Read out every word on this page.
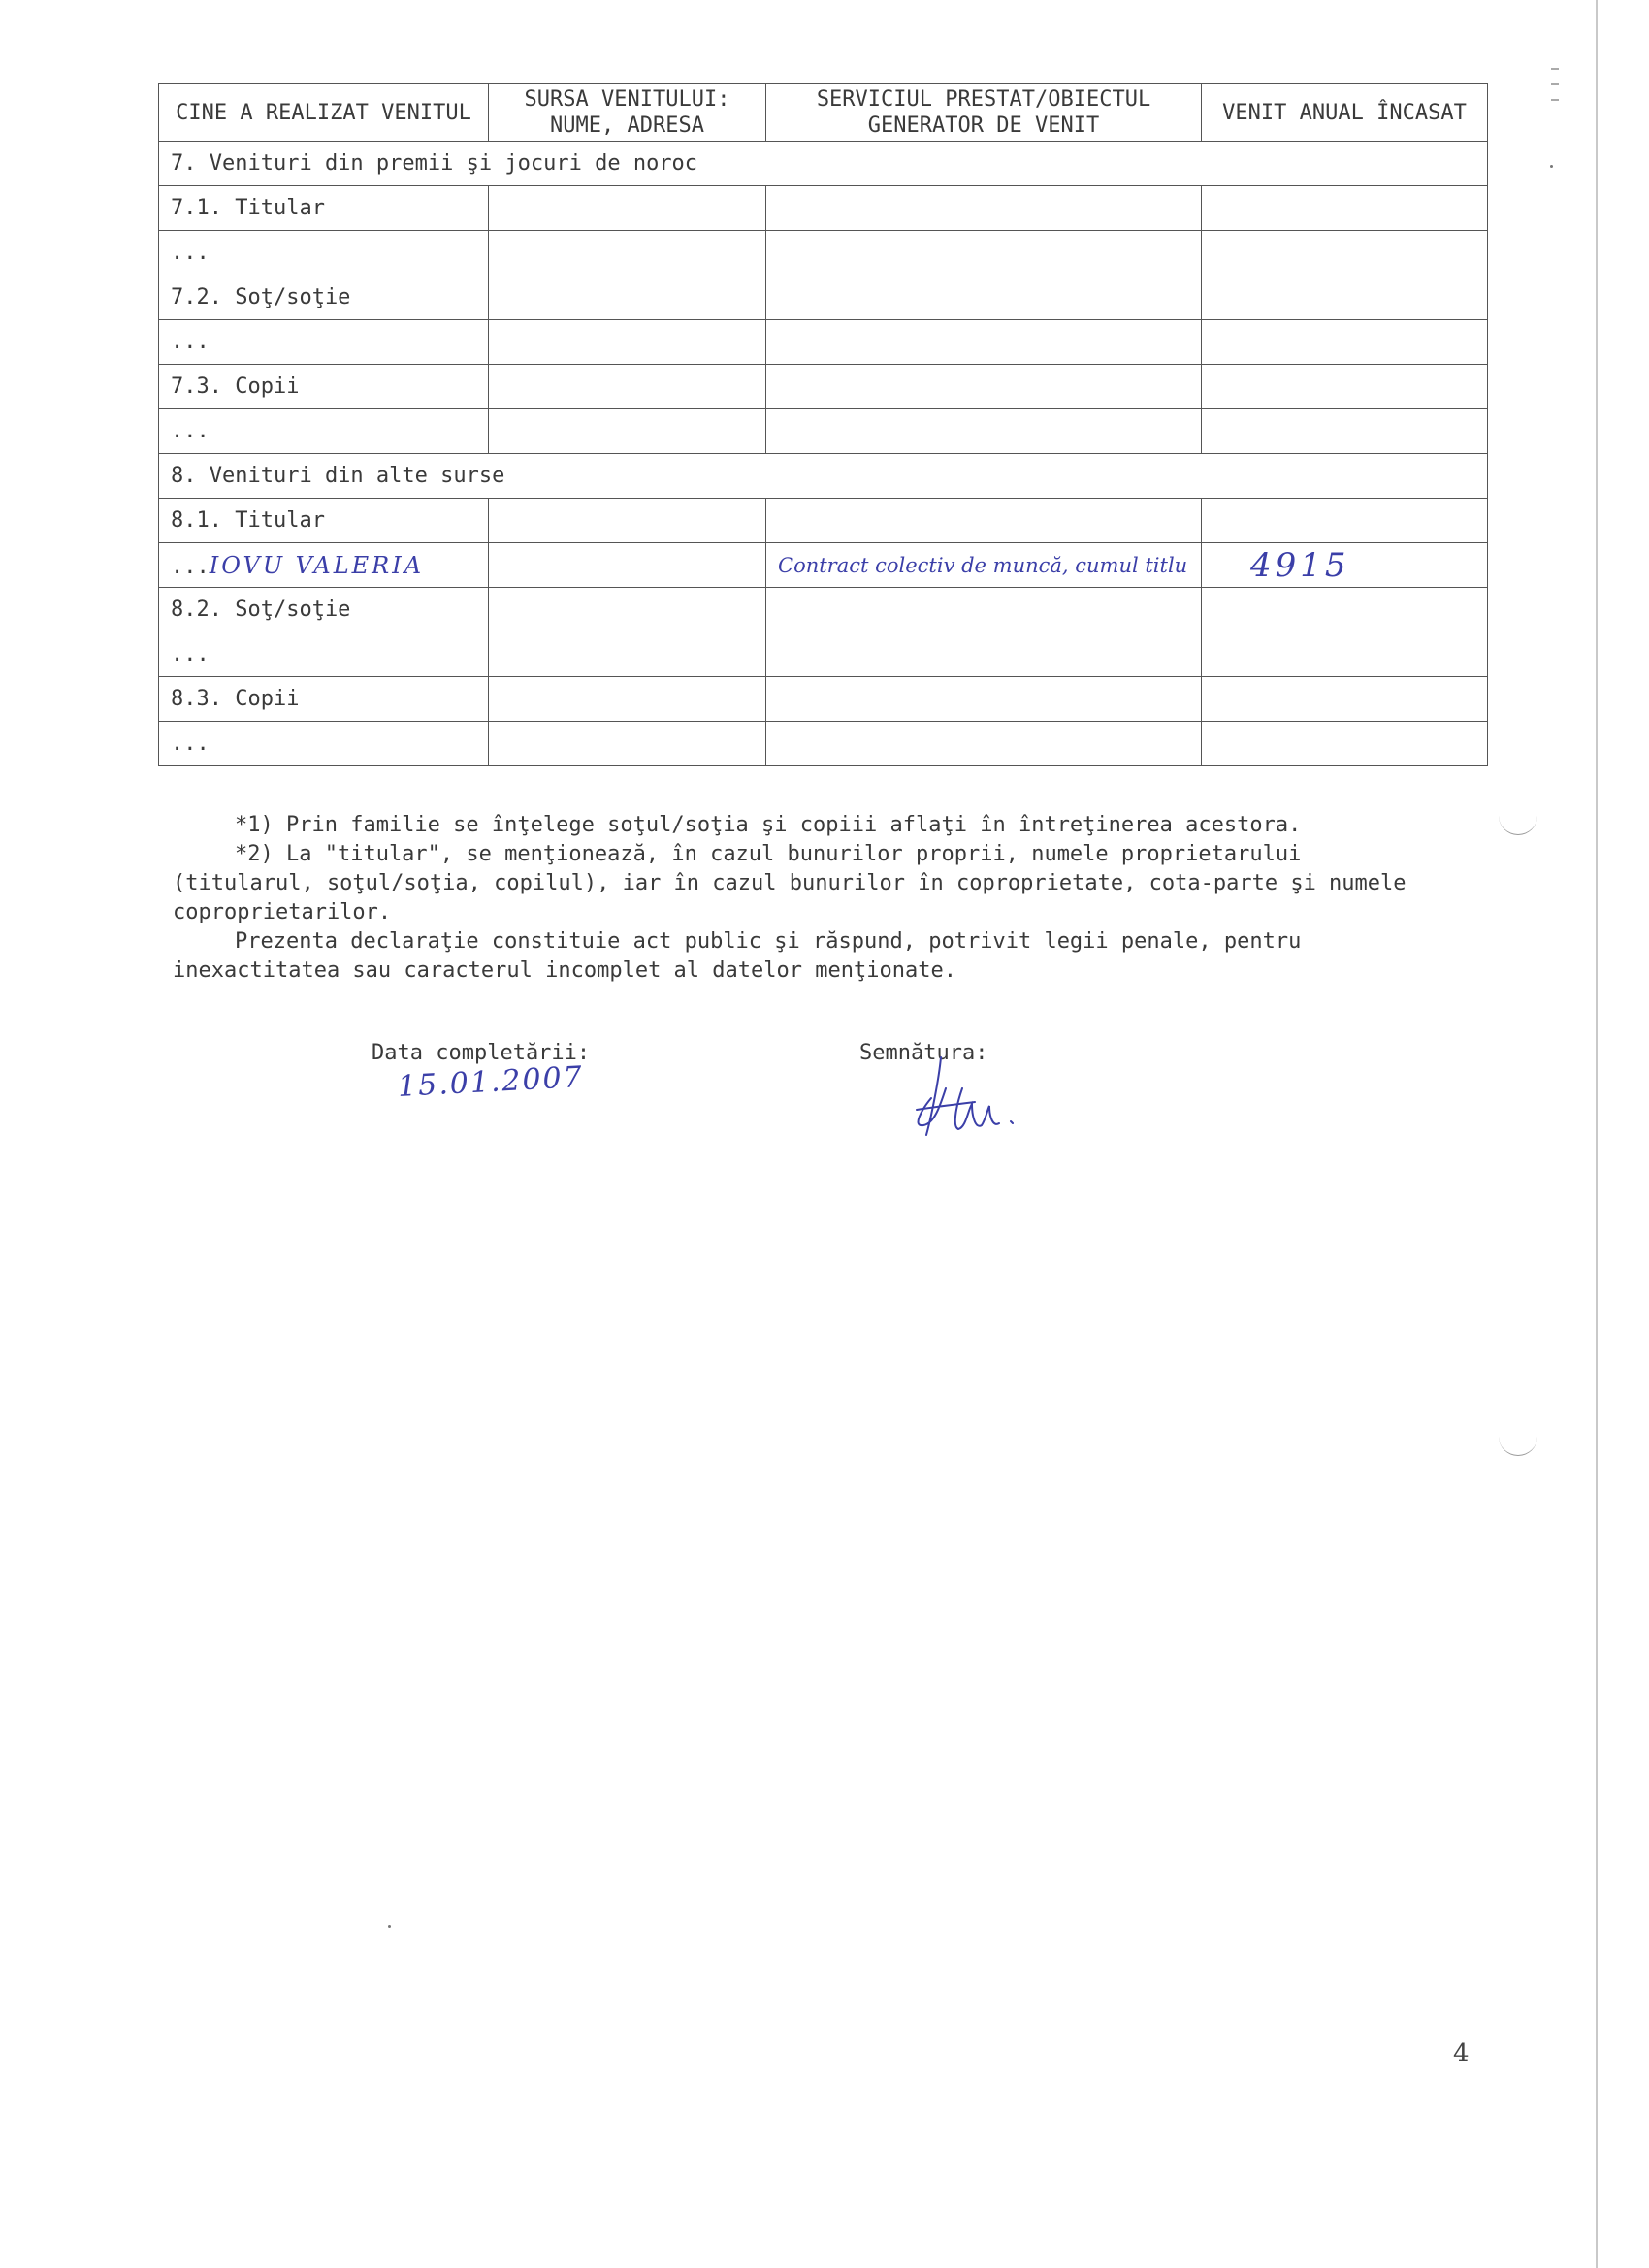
CINE A REALIZAT VENITUL	SURSA VENITULUI: NUME, ADRESA	SERVICIUL PRESTAT/OBIECTUL GENERATOR DE VENIT	VENIT ANUAL ÎNCASAT
7. Venituri din premii şi jocuri de noroc			
7.1. Titular			
...			
7.2. Soţ/soţie			
...			
7.3. Copii			
...			
8. Venituri din alte surse			
8.1. Titular			
...IOVU VALERIA		Contract colectiv de muncă, cumul titlu	4915
8.2. Soţ/soţie			
...			
8.3. Copii			
...			

*1) Prin familie se înţelege soţul/soţia şi copiii aflaţi în întreţinerea acestora.

*2) La "titular", se menţionează, în cazul bunurilor proprii, numele proprietarului (titularul, soţul/soţia, copilul), iar în cazul bunurilor în coproprietate, cota-parte şi numele coproprietarilor.

Prezenta declaraţie constituie act public şi răspund, potrivit legii penale, pentru inexactitatea sau caracterul incomplet al datelor menţionate.

Data completării:
15.01.2007
Semnătura:
4
